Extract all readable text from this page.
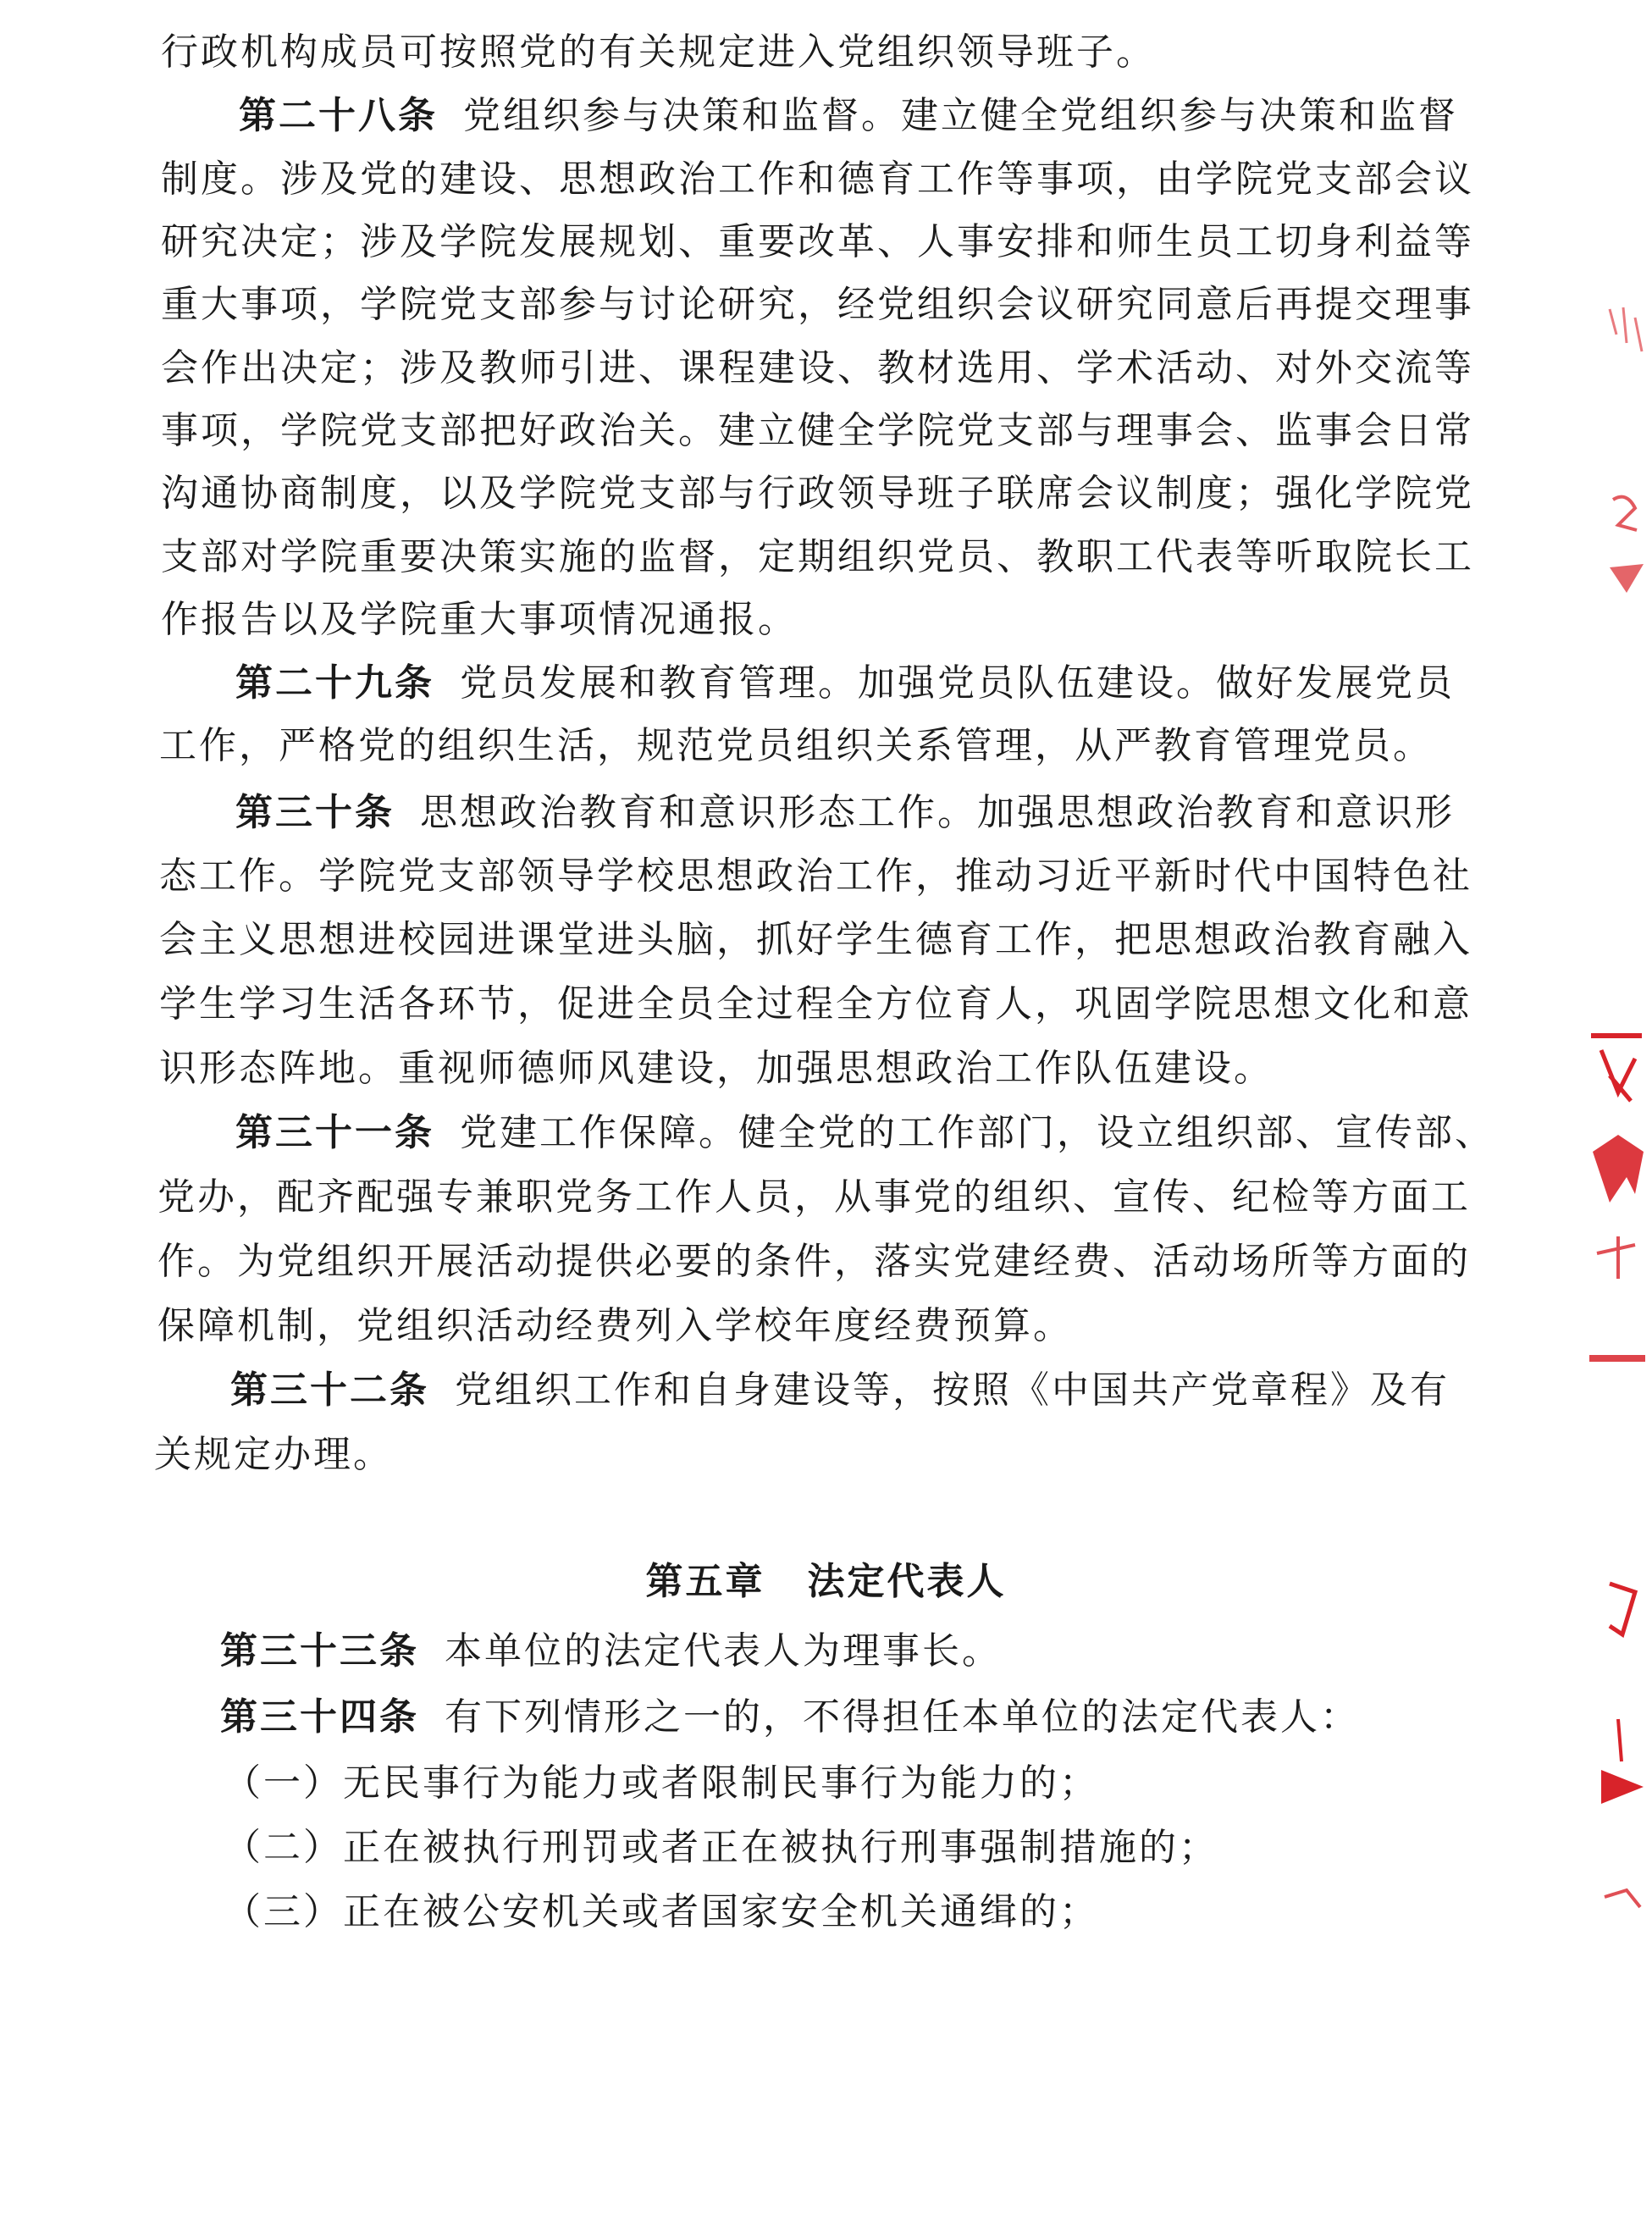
行政机构成员可按照党的有关规定进入党组织领导班子。
第二十八条 党组织参与决策和监督。建立健全党组织参与决策和监督
制度。涉及党的建设、思想政治工作和德育工作等事项，由学院党支部会议
研究决定；涉及学院发展规划、重要改革、人事安排和师生员工切身利益等
重大事项，学院党支部参与讨论研究，经党组织会议研究同意后再提交理事
会作出决定；涉及教师引进、课程建设、教材选用、学术活动、对外交流等
事项，学院党支部把好政治关。建立健全学院党支部与理事会、监事会日常
沟通协商制度，以及学院党支部与行政领导班子联席会议制度；强化学院党
支部对学院重要决策实施的监督，定期组织党员、教职工代表等听取院长工
作报告以及学院重大事项情况通报。
第二十九条 党员发展和教育管理。加强党员队伍建设。做好发展党员
工作，严格党的组织生活，规范党员组织关系管理，从严教育管理党员。
第三十条 思想政治教育和意识形态工作。加强思想政治教育和意识形
态工作。学院党支部领导学校思想政治工作，推动习近平新时代中国特色社
会主义思想进校园进课堂进头脑，抓好学生德育工作，把思想政治教育融入
学生学习生活各环节，促进全员全过程全方位育人，巩固学院思想文化和意
识形态阵地。重视师德师风建设，加强思想政治工作队伍建设。
第三十一条 党建工作保障。健全党的工作部门，设立组织部、宣传部、
党办，配齐配强专兼职党务工作人员，从事党的组织、宣传、纪检等方面工
作。为党组织开展活动提供必要的条件，落实党建经费、活动场所等方面的
保障机制，党组织活动经费列入学校年度经费预算。
第三十二条 党组织工作和自身建设等，按照《中国共产党章程》及有
关规定办理。
第五章 法定代表人
第三十三条 本单位的法定代表人为理事长。
第三十四条 有下列情形之一的，不得担任本单位的法定代表人：
（一）无民事行为能力或者限制民事行为能力的；
（二）正在被执行刑罚或者正在被执行刑事强制措施的；
（三）正在被公安机关或者国家安全机关通缉的；
